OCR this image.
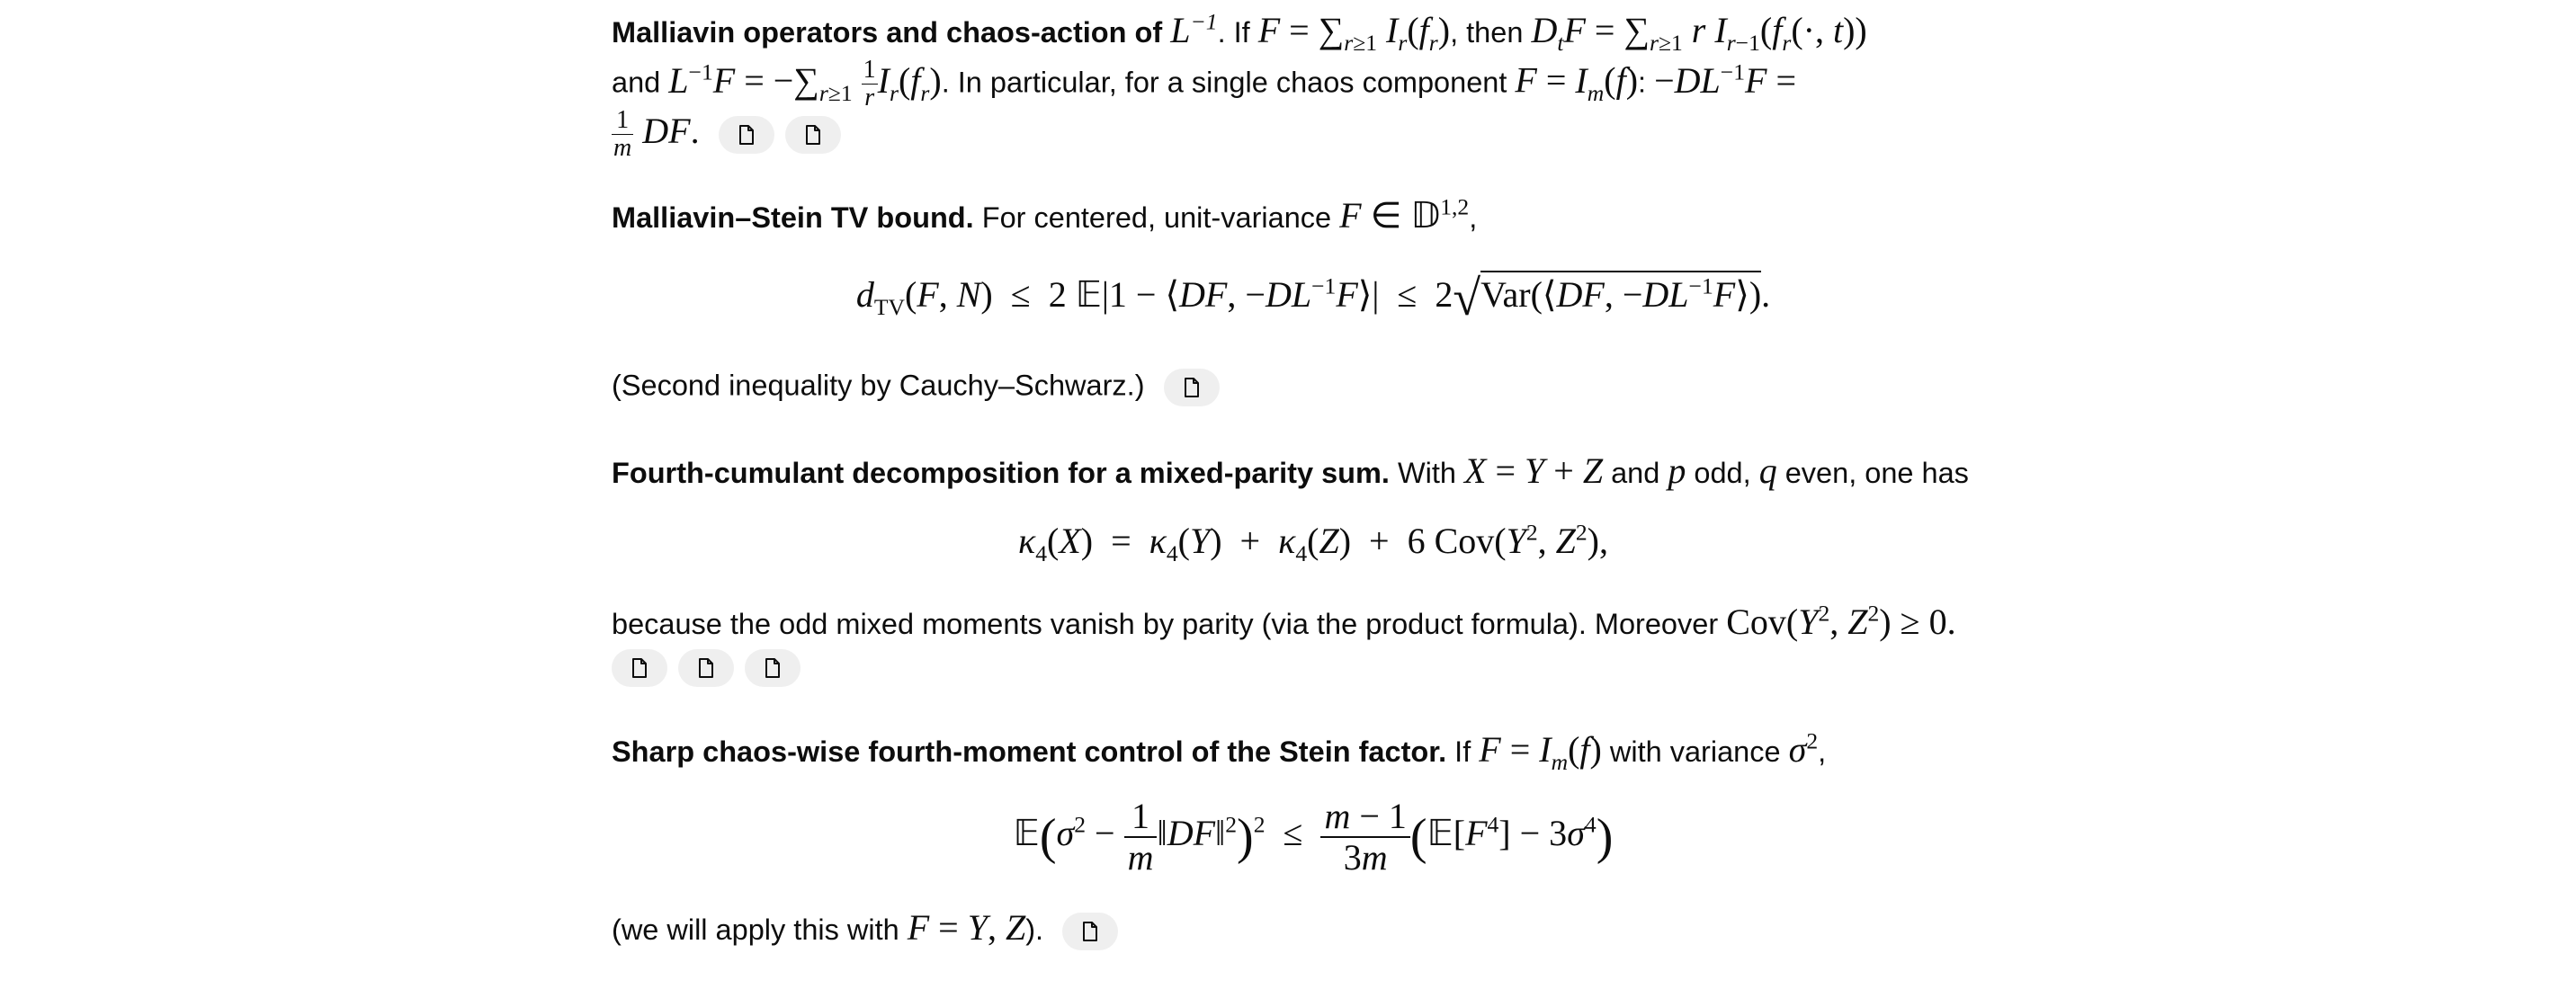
Malliavin operators and chaos-action of $L^{-1}$. If $F = \sum_{r\ge 1}$ $I_r(f_r)$, then $D_tF = \sum_{r\ge 1}$ r $I_{r-1}(f_r(\cdot$, t))
and $L^{-1}F = -\sum_{r\ge 1} \frac{1}{r} I_r(f_r)$. In particular, for a single chaos component $F = I_m(f)$: $-DL^{-1}F$ =
$\frac{1}{m}$ DF.
Malliavin–Stein TV bound. For centered, unit-variance F ∈ 𝔻$^{1,2}$,
$d_{TV}(F$, N)  ≤  2 𝔼|1 − ⟨DF, $-DL^{-1}F⟩|$  ≤  2√Var(⟨DF, $-DL^{-1}F⟩$).
(Second inequality by Cauchy–Schwarz.)
Fourth-cumulant decomposition for a mixed-parity sum. With X = Y + Z and p odd, q even, one has
$\kappa_4(X) = \kappa_4(Y) + \kappa_4(Z) + 6$ $Cov(Y^2$, $Z^2$),
because the odd mixed moments vanish by parity (via the product formula). Moreover $Cov(Y^2$, $Z^2) \ge 0$.
Sharp chaos-wise fourth-moment control of the Stein factor. If $F = I_m(f)$ with variance $\sigma^2$,
$𝔼(\sigma^2 - \frac{1}{m}$ ‖DF‖$^2$)$^2$  ≤ $\frac{m - 1}{3m}$ $(𝔼[F^4] - 3\sigma^4)$
(we will apply this with F = Y, Z).
